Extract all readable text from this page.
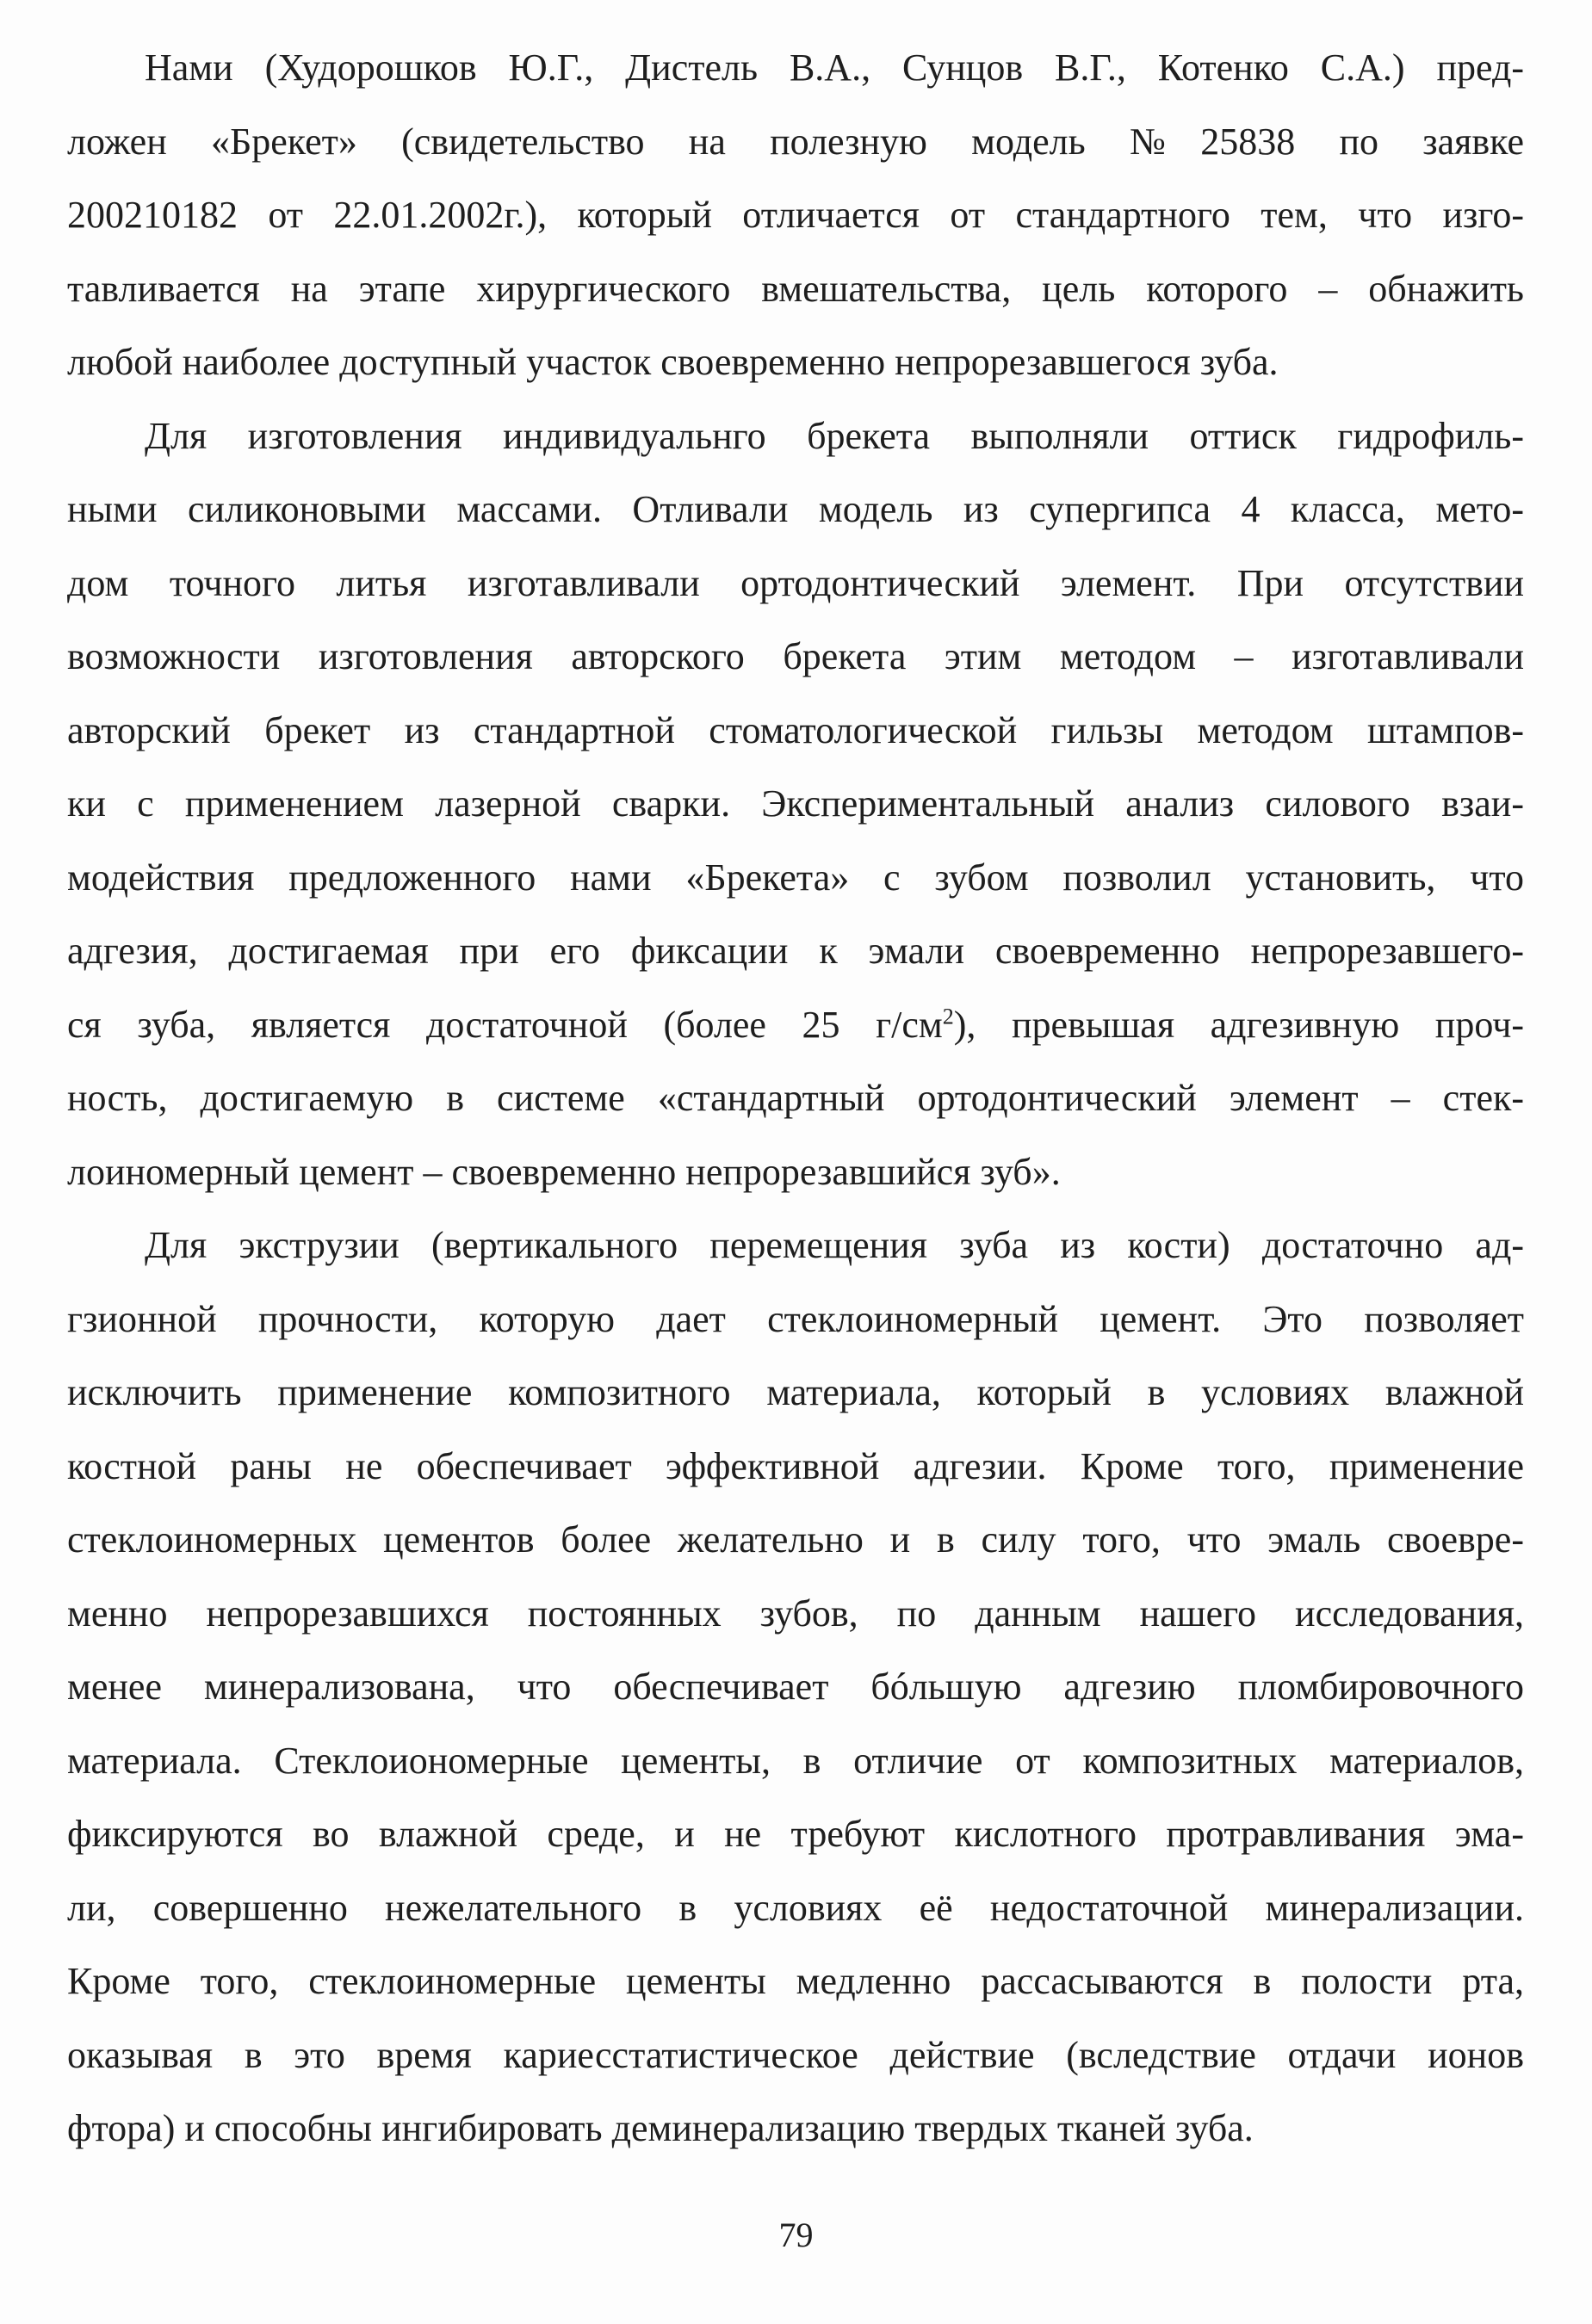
Нами (Худорошков Ю.Г., Дистель В.А., Сунцов В.Г., Котенко С.А.) пред-
ложен «Брекет» (свидетельство на полезную модель №25838 по заявке
200210182 от 22.01.2002г.), который отличается от стандартного тем, что изго-
тавливается на этапе хирургического вмешательства, цель которого – обнажить
любой наиболее доступный участок своевременно непрорезавшегося зуба.
Для изготовления индивидуальнго брекета выполняли оттиск гидрофиль-
ными силиконовыми массами. Отливали модель из супергипса 4 класса, мето-
дом точного литья изготавливали ортодонтический элемент. При отсутствии
возможности изготовления авторского брекета этим методом – изготавливали
авторский брекет из стандартной стоматологической гильзы методом штампов-
ки с применением лазерной сварки. Экспериментальный анализ силового взаи-
модействия предложенного нами «Брекета» с зубом позволил установить, что
адгезия, достигаемая при его фиксации к эмали своевременно непрорезавшего-
ся зуба, является достаточной (более 25 $г/см^2$), превышая адгезивную проч-
ность, достигаемую в системе «стандартный ортодонтический элемент – стек-
лоиномерный цемент – своевременно непрорезавшийся зуб».
Для экструзии (вертикального перемещения зуба из кости) достаточно ад-
гзионной прочности, которую дает стеклоиномерный цемент. Это позволяет
исключить применение композитного материала, который в условиях влажной
костной раны не обеспечивает эффективной адгезии. Кроме того, применение
стеклоиномерных цементов более желательно и в силу того, что эмаль своевре-
менно непрорезавшихся постоянных зубов, по данным нашего исследования,
менее минерализована, что обеспечивает бóльшую адгезию пломбировочного
материала. Стеклоиономерные цементы, в отличие от композитных материалов,
фиксируются во влажной среде, и не требуют кислотного протравливания эма-
ли, совершенно нежелательного в условиях её недостаточной минерализации.
Кроме того, стеклоиномерные цементы медленно рассасываются в полости рта,
оказывая в это время кариесстатистическое действие (вследствие отдачи ионов
фтора) и способны ингибировать деминерализацию твердых тканей зуба.
79
